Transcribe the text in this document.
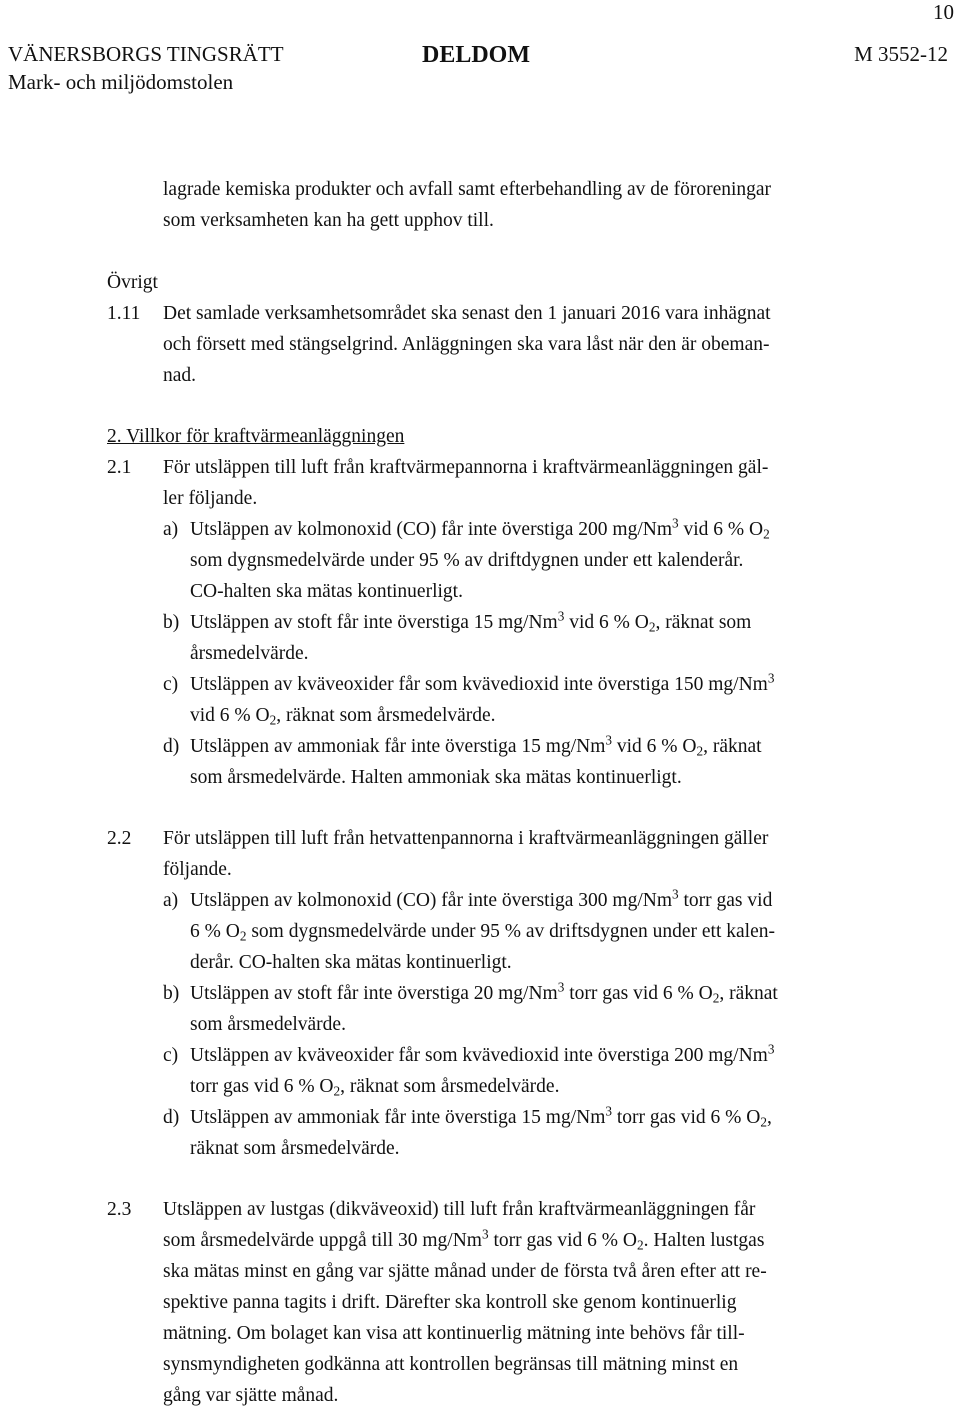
10
VÄNERSBORGS TINGSRÄTT
Mark- och miljödomstolen
DELDOM	M 3552-12
lagrade kemiska produkter och avfall samt efterbehandling av de föroreningar
som verksamheten kan ha gett upphov till.
Övrigt
1.11 Det samlade verksamhetsområdet ska senast den 1 januari 2016 vara inhägnat
och försett med stängselgrind. Anläggningen ska vara låst när den är obeman-
nad.
2. Villkor för kraftvärmeanläggningen
2.1 För utsläppen till luft från kraftvärmepannorna i kraftvärmeanläggningen gäl-
ler följande.
a) Utsläppen av kolmonoxid (CO) får inte överstiga 200 mg/Nm$^3$ vid 6 % $O_2$
som dygnsmedelvärde under 95 % av driftdygnen under ett kalenderår.
CO-halten ska mätas kontinuerligt.
b) Utsläppen av stoft får inte överstiga 15 mg/Nm$^3$ vid 6 % $O_2$, räknat som
årsmedelvärde.
c) Utsläppen av kväveoxider får som kvävedioxid inte överstiga 150 mg/Nm$^3$
vid 6 % $O_2$, räknat som årsmedelvärde.
d) Utsläppen av ammoniak får inte överstiga 15 mg/Nm$^3$ vid 6 % $O_2$, räknat
som årsmedelvärde. Halten ammoniak ska mätas kontinuerligt.
2.2 För utsläppen till luft från hetvattenpannorna i kraftvärmeanläggningen gäller
följande.
a) Utsläppen av kolmonoxid (CO) får inte överstiga 300 mg/Nm$^3$ torr gas vid
6 % $O_2$ som dygnsmedelvärde under 95 % av driftsdygnen under ett kalen-
derår. CO-halten ska mätas kontinuerligt.
b) Utsläppen av stoft får inte överstiga 20 mg/Nm$^3$ torr gas vid 6 % $O_2$, räknat
som årsmedelvärde.
c) Utsläppen av kväveoxider får som kvävedioxid inte överstiga 200 mg/Nm$^3$
torr gas vid 6 % $O_2$, räknat som årsmedelvärde.
d) Utsläppen av ammoniak får inte överstiga 15 mg/Nm$^3$ torr gas vid 6 % $O_2$,
räknat som årsmedelvärde.
2.3 Utsläppen av lustgas (dikväveoxid) till luft från kraftvärmeanläggningen får
som årsmedelvärde uppgå till 30 mg/Nm$^3$ torr gas vid 6 % $O_2$. Halten lustgas
ska mätas minst en gång var sjätte månad under de första två åren efter att re-
spektive panna tagits i drift. Därefter ska kontroll ske genom kontinuerlig
mätning. Om bolaget kan visa att kontinuerlig mätning inte behövs får till-
synsmyndigheten godkänna att kontrollen begränsas till mätning minst en
gång var sjätte månad.
